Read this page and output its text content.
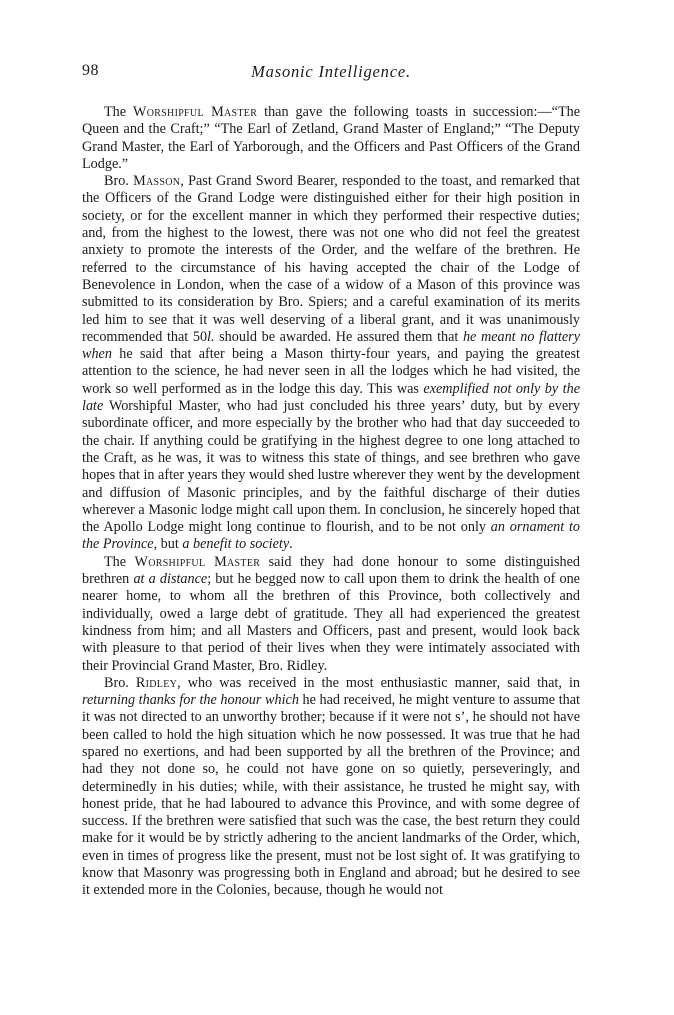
98	Masonic Intelligence.

The Worshipful Master than gave the following toasts in succession:—“The Queen and the Craft;” “The Earl of Zetland, Grand Master of England;” “The Deputy Grand Master, the Earl of Yarborough, and the Officers and Past Officers of the Grand Lodge.”

Bro. Masson, Past Grand Sword Bearer, responded to the toast, and remarked that the Officers of the Grand Lodge were distinguished either for their high position in society, or for the excellent manner in which they performed their respective duties; and, from the highest to the lowest, there was not one who did not feel the greatest anxiety to promote the interests of the Order, and the welfare of the brethren. He referred to the circumstance of his having accepted the chair of the Lodge of Benevolence in London, when the case of a widow of a Mason of this province was submitted to its consideration by Bro. Spiers; and a careful examination of its merits led him to see that it was well deserving of a liberal grant, and it was unanimously recommended that 50l. should be awarded. He assured them that he meant no flattery when he said that after being a Mason thirty-four years, and paying the greatest attention to the science, he had never seen in all the lodges which he had visited, the work so well performed as in the lodge this day. This was exemplified not only by the late Worshipful Master, who had just concluded his three years’ duty, but by every subordinate officer, and more especially by the brother who had that day succeeded to the chair. If anything could be gratifying in the highest degree to one long attached to the Craft, as he was, it was to witness this state of things, and see brethren who gave hopes that in after years they would shed lustre wherever they went by the development and diffusion of Masonic principles, and by the faithful discharge of their duties wherever a Masonic lodge might call upon them. In conclusion, he sincerely hoped that the Apollo Lodge might long continue to flourish, and to be not only an ornament to the Province, but a benefit to society.

The Worshipful Master said they had done honour to some distinguished brethren at a distance; but he begged now to call upon them to drink the health of one nearer home, to whom all the brethren of this Province, both collectively and individually, owed a large debt of gratitude. They all had experienced the greatest kindness from him; and all Masters and Officers, past and present, would look back with pleasure to that period of their lives when they were intimately associated with their Provincial Grand Master, Bro. Ridley.

Bro. Ridley, who was received in the most enthusiastic manner, said that, in returning thanks for the honour which he had received, he might venture to assume that it was not directed to an unworthy brother; because if it were not s’, he should not have been called to hold the high situation which he now possessed. It was true that he had spared no exertions, and had been supported by all the brethren of the Province; and had they not done so, he could not have gone on so quietly, perseveringly, and determinedly in his duties; while, with their assistance, he trusted he might say, with honest pride, that he had laboured to advance this Province, and with some degree of success. If the brethren were satisfied that such was the case, the best return they could make for it would be by strictly adhering to the ancient landmarks of the Order, which, even in times of progress like the present, must not be lost sight of. It was gratifying to know that Masonry was progressing both in England and abroad; but he desired to see it extended more in the Colonies, because, though he would not
